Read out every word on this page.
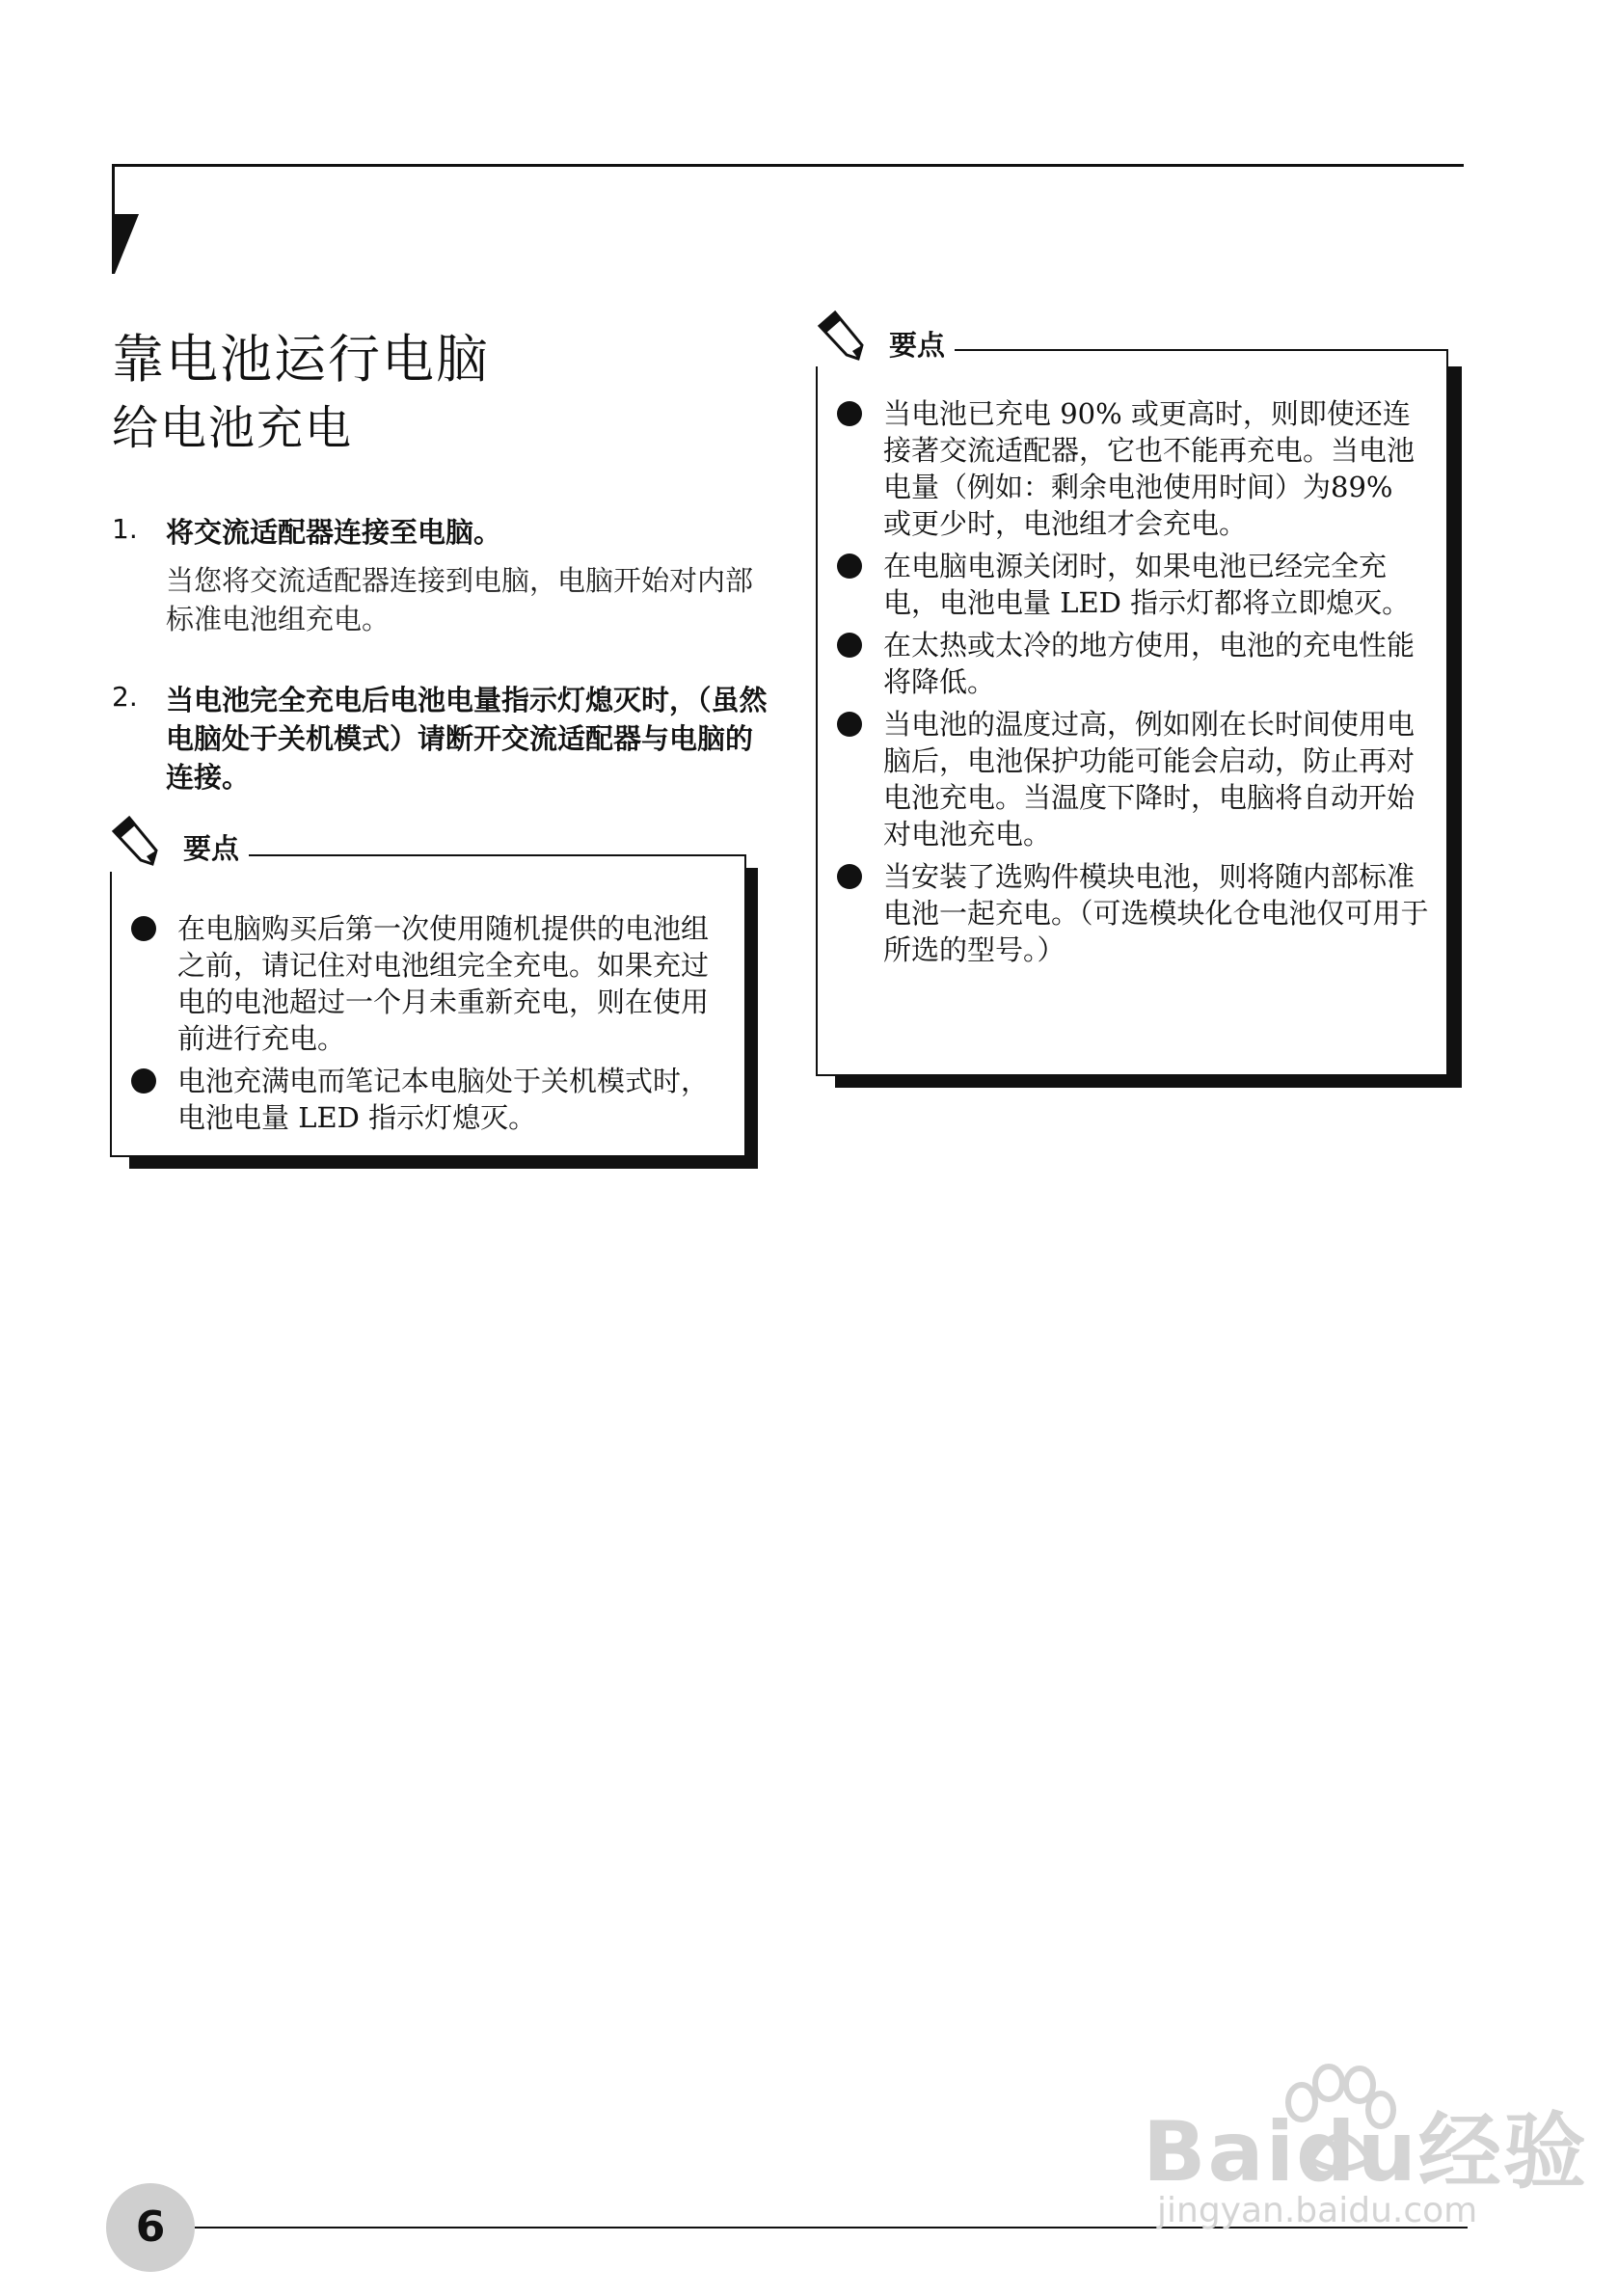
靠电池运行电脑
给电池充电
1. 将交流适配器连接至电脑。
当您将交流适配器连接到电脑，电脑开始对内部标准电池组充电。
2. 当电池完全充电后电池电量指示灯熄灭时，（虽然电脑处于关机模式）请断开交流适配器与电脑的连接。
要点
在电脑购买后第一次使用随机提供的电池组之前，请记住对电池组完全充电。如果充过电的电池超过一个月未重新充电，则在使用前进行充电。
电池充满电而笔记本电脑处于关机模式时，电池电量 LED 指示灯熄灭。
要点
当电池已充电 90% 或更高时，则即使还连接著交流适配器，它也不能再充电。当电池电量（例如：剩余电池使用时间）为89% 或更少时，电池组才会充电。
在电脑电源关闭时，如果电池已经完全充电，电池电量 LED 指示灯都将立即熄灭。
在太热或太冷的地方使用，电池的充电性能将降低。
当电池的温度过高，例如刚在长时间使用电脑后，电池保护功能可能会启动，防止再对电池充电。当温度下降时，电脑将自动开始对电池充电。
当安装了选购件模块电池，则将随内部标准电池一起充电。（可选模块化仓电池仅可用于所选的型号。）
6
Baidu经验
jingyan.baidu.com
